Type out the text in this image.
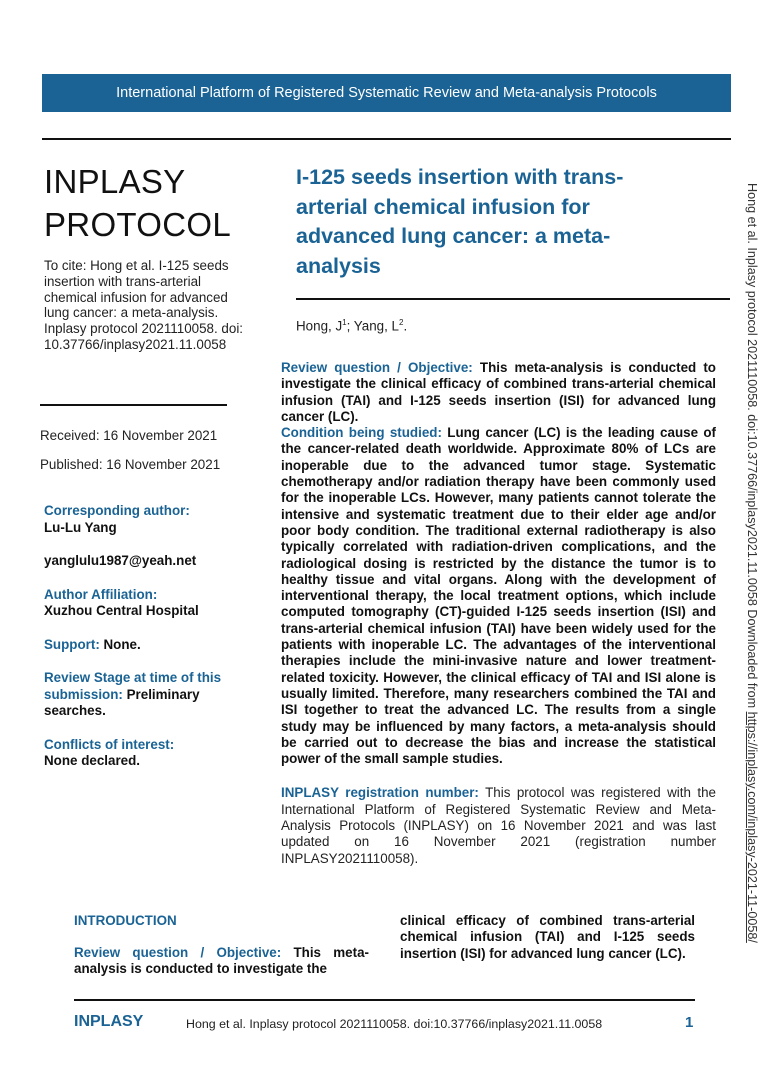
International Platform of Registered Systematic Review and Meta-analysis Protocols
INPLASY
PROTOCOL
To cite: Hong et al. I-125 seeds insertion with trans-arterial chemical infusion for advanced lung cancer: a meta-analysis. Inplasy protocol 2021110058. doi: 10.37766/inplasy2021.11.0058
Received: 16 November 2021
Published: 16 November 2021
Corresponding author:
Lu-Lu Yang
yanglulu1987@yeah.net
Author Affiliation:
Xuzhou Central Hospital
Support: None.
Review Stage at time of this submission: Preliminary searches.
Conflicts of interest:
None declared.
I-125 seeds insertion with trans-arterial chemical infusion for advanced lung cancer: a meta-analysis
Hong, $J^1$; Yang, $L^2$.

Review question / Objective: This meta-analysis is conducted to investigate the clinical efficacy of combined trans-arterial chemical infusion (TAI) and I-125 seeds insertion (ISI) for advanced lung cancer (LC).

Condition being studied: Lung cancer (LC) is the leading cause of the cancer-related death worldwide. Approximate 80% of LCs are inoperable due to the advanced tumor stage. Systematic chemotherapy and/or radiation therapy have been commonly used for the inoperable LCs. However, many patients cannot tolerate the intensive and systematic treatment due to their elder age and/or poor body condition. The traditional external radiotherapy is also typically correlated with radiation-driven complications, and the radiological dosing is restricted by the distance the tumor is to healthy tissue and vital organs. Along with the development of interventional therapy, the local treatment options, which include computed tomography (CT)-guided I-125 seeds insertion (ISI) and trans-arterial chemical infusion (TAI) have been widely used for the patients with inoperable LC. The advantages of the interventional therapies include the mini-invasive nature and lower treatment-related toxicity. However, the clinical efficacy of TAI and ISI alone is usually limited. Therefore, many researchers combined the TAI and ISI together to treat the advanced LC. The results from a single study may be influenced by many factors, a meta-analysis should be carried out to decrease the bias and increase the statistical power of the small sample studies.

INPLASY registration number: This protocol was registered with the International Platform of Registered Systematic Review and Meta-Analysis Protocols (INPLASY) on 16 November 2021 and was last updated on 16 November 2021 (registration number INPLASY2021110058).

INTRODUCTION
Review question / Objective: This meta-analysis is conducted to investigate the
clinical efficacy of combined trans-arterial chemical infusion (TAI) and I-125 seeds insertion (ISI) for advanced lung cancer (LC).
INPLASY	Hong et al. Inplasy protocol 2021110058. doi:10.37766/inplasy2021.11.0058	1
Hong et al. Inplasy protocol 2021110058. doi:10.37766/inplasy2021.11.0058 Downloaded from https://inplasy.com/inplasy-2021-11-0058/
